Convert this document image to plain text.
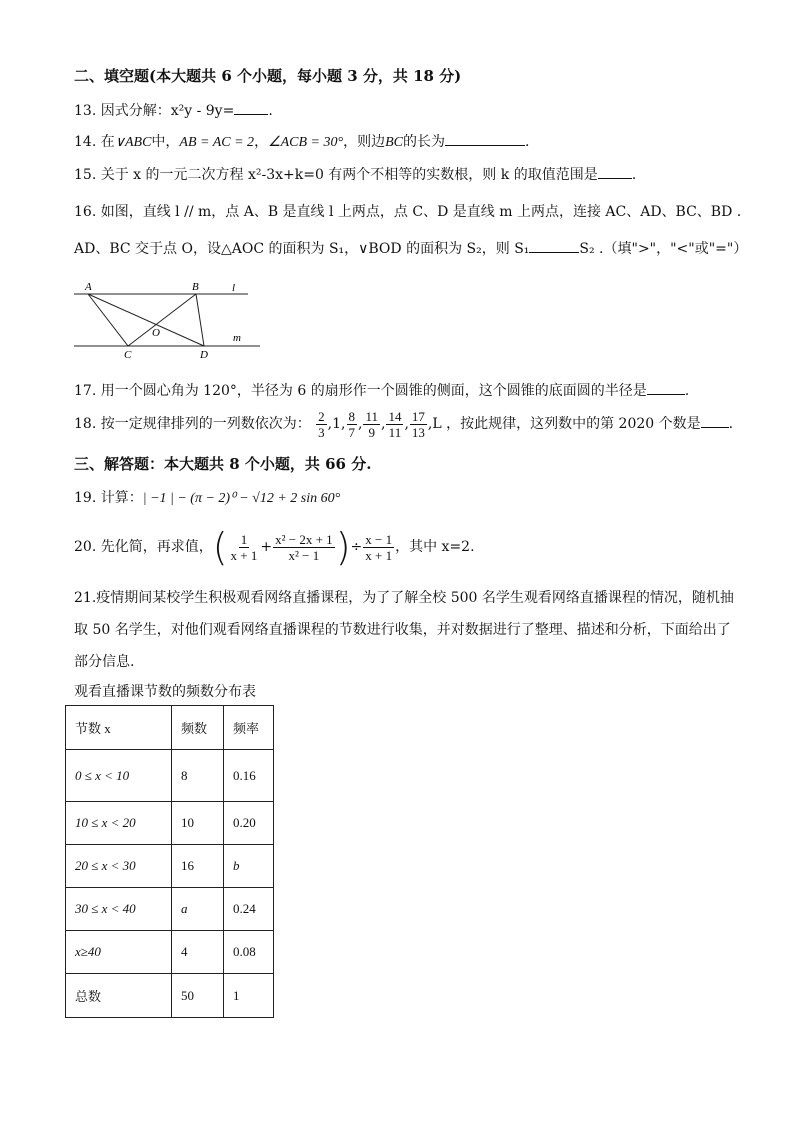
二、填空题(本大题共 6 个小题，每小题 3 分，共 18 分)
13. 因式分解：x²y - 9y= .
14. 在∨ABC中，AB = AC = 2，∠ACB = 30°，则边BC的长为	.
15. 关于 x 的一元二次方程 x²-3x+k=0 有两个不相等的实数根，则 k 的取值范围是 .
16. 如图，直线 l // m，点 A、B 是直线 l 上两点，点 C、D 是直线 m 上两点，连接 AC、AD、BC、BD .
AD、BC 交于点 O，设△AOC 的面积为 S₁，∨BOD 的面积为 S₂，则 S₁	S₂ .（填">"，"<"或"="）
A	B	l
O	m
C	D
17. 用一个圆心角为 120°，半径为 6 的扇形作一个圆锥的侧面，这个圆锥的底面圆的半径是	.
18. 按一定规律排列的一列数依次为： $\frac{2}{3} ,1$, $\frac{8}{7}$ , $\frac{11}{9}$ , $\frac{14}{11}$ , $\frac{17}{13} ,L$ ，按此规律，这列数中的第 2020 个数是 .
三、解答题：本大题共 8 个小题，共 66 分.
19. 计算：| −1 | − (π − 2)⁰ − √12 + 2 sin 60°
20. 先化简，再求值，( $\frac{1}{x + 1} + \frac{\text{x² − 2x + 1}}{\text{x² − 1}}$ )÷ $\frac{x - 1}{x + 1}$ ，其中 x=2.
21.疫情期间某校学生积极观看网络直播课程，为了了解全校 500 名学生观看网络直播课程的情况，随机抽
取 50 名学生，对他们观看网络直播课程的节数进行收集，并对数据进行了整理、描述和分析，下面给出了
部分信息.
观看直播课节数的频数分布表
节数 x	频数	频率
0 ≤ x < 10	8	0.16
10 ≤ x < 20	10	0.20
20 ≤ x < 30	16	b
30 ≤ x < 40	a	0.24
x≥40	4	0.08
总数	50	1
